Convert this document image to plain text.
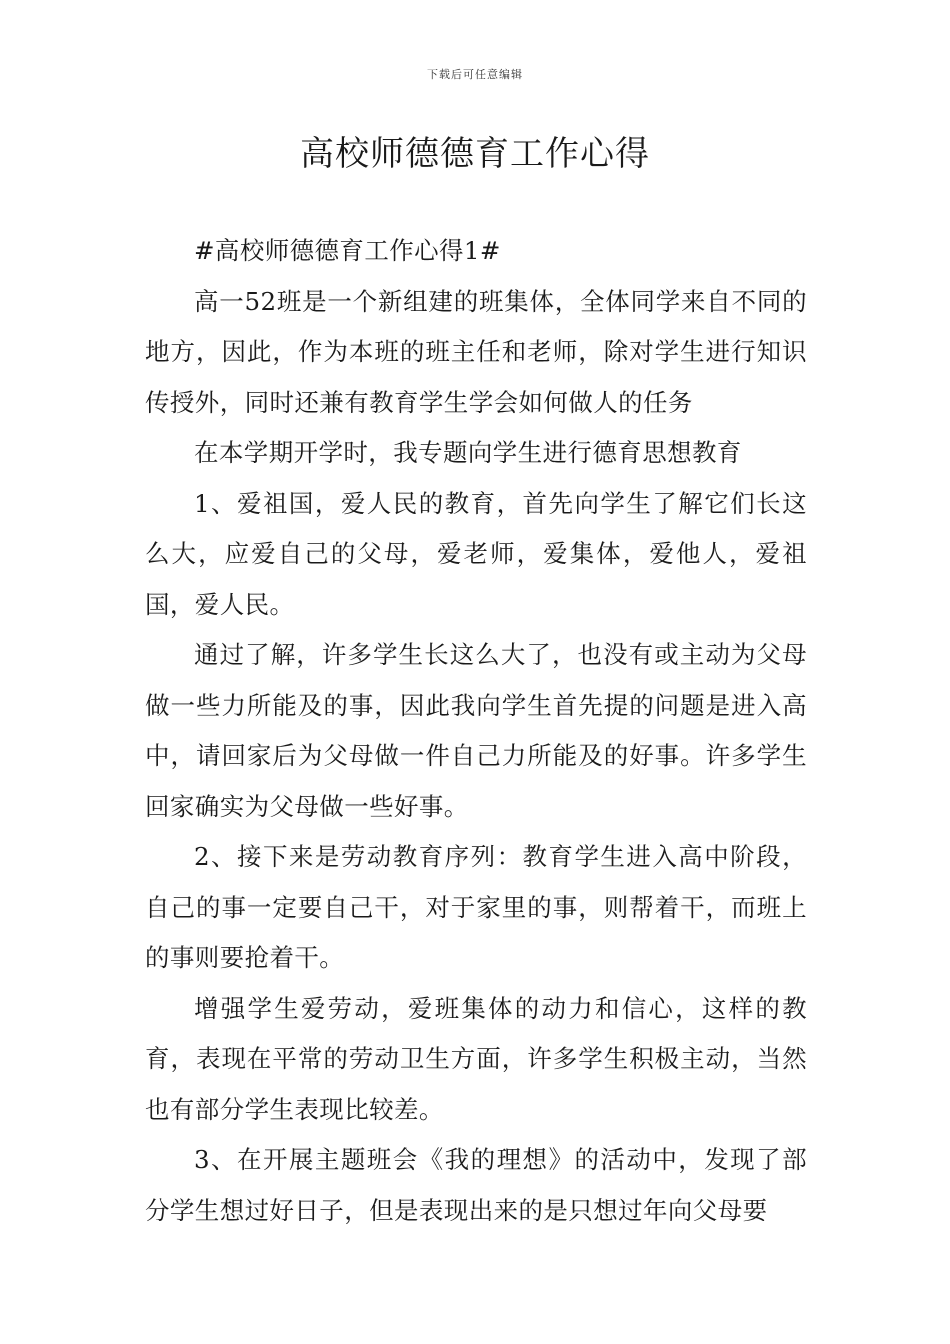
下载后可任意编辑
高校师德德育工作心得

#高校师德德育工作心得1#

高一52班是一个新组建的班集体，全体同学来自不同的地方，因此，作为本班的班主任和老师，除对学生进行知识传授外，同时还兼有教育学生学会如何做人的任务

在本学期开学时，我专题向学生进行德育思想教育

1、爱祖国，爱人民的教育，首先向学生了解它们长这么大，应爱自己的父母，爱老师，爱集体，爱他人，爱祖国，爱人民。

通过了解，许多学生长这么大了，也没有或主动为父母做一些力所能及的事，因此我向学生首先提的问题是进入高中，请回家后为父母做一件自己力所能及的好事。许多学生回家确实为父母做一些好事。

2、接下来是劳动教育序列：教育学生进入高中阶段，自己的事一定要自己干，对于家里的事，则帮着干，而班上的事则要抢着干。

增强学生爱劳动，爱班集体的动力和信心，这样的教育，表现在平常的劳动卫生方面，许多学生积极主动，当然也有部分学生表现比较差。

3、在开展主题班会《我的理想》的活动中，发现了部分学生想过好日子，但是表现出来的是只想过年向父母要
